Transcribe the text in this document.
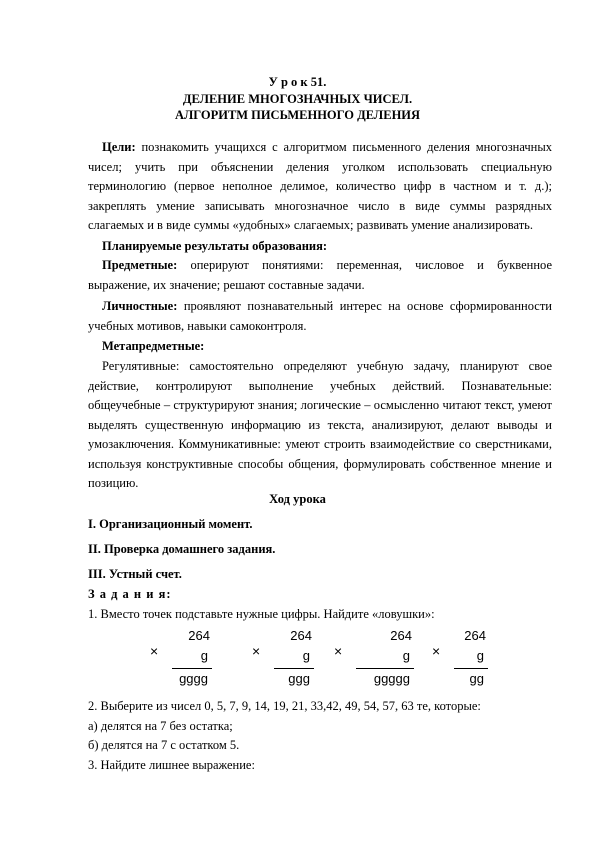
У р о к 51.
ДЕЛЕНИЕ МНОГОЗНАЧНЫХ ЧИСЕЛ.
АЛГОРИТМ ПИСЬМЕННОГО ДЕЛЕНИЯ

Цели: познакомить учащихся с алгоритмом письменного деления многозначных чисел; учить при объяснении деления уголком использовать специальную терминологию (первое неполное делимое, количество цифр в частном и т. д.); закреплять умение записывать многозначное число в виде суммы разрядных слагаемых и в виде суммы «удобных» слагаемых; развивать умение анализировать.

Планируемые результаты образования:

Предметные: оперируют понятиями: переменная, числовое и буквенное выражение, их значение; решают составные задачи.

Личностные: проявляют познавательный интерес на основе сформированности учебных мотивов, навыки самоконтроля.

Метапредметные:

Регулятивные: самостоятельно определяют учебную задачу, планируют свое действие, контролируют выполнение учебных действий. Познавательные: общеучебные – структурируют знания; логические – осмысленно читают текст, умеют выделять существенную информацию из текста, анализируют, делают выводы и умозаключения. Коммуникативные: умеют строить взаимодействие со сверстниками, используя конструктивные способы общения, формулировать собственное мнение и позицию.

Ход урока
I. Организационный момент.
II. Проверка домашнего задания.
III. Устный счет.
З а д а н и я:
1. Вместо точек подставьте нужные цифры. Найдите «ловушки»:
264
×	g
gggg
264
×	g
ggg
264
×	g
ggggg
264
×	g
gg
2. Выберите из чисел 0, 5, 7, 9, 14, 19, 21, 33,42, 49, 54, 57, 63 те, которые:
а) делятся на 7 без остатка;
б) делятся на 7 с остатком 5.
3. Найдите лишнее выражение:
